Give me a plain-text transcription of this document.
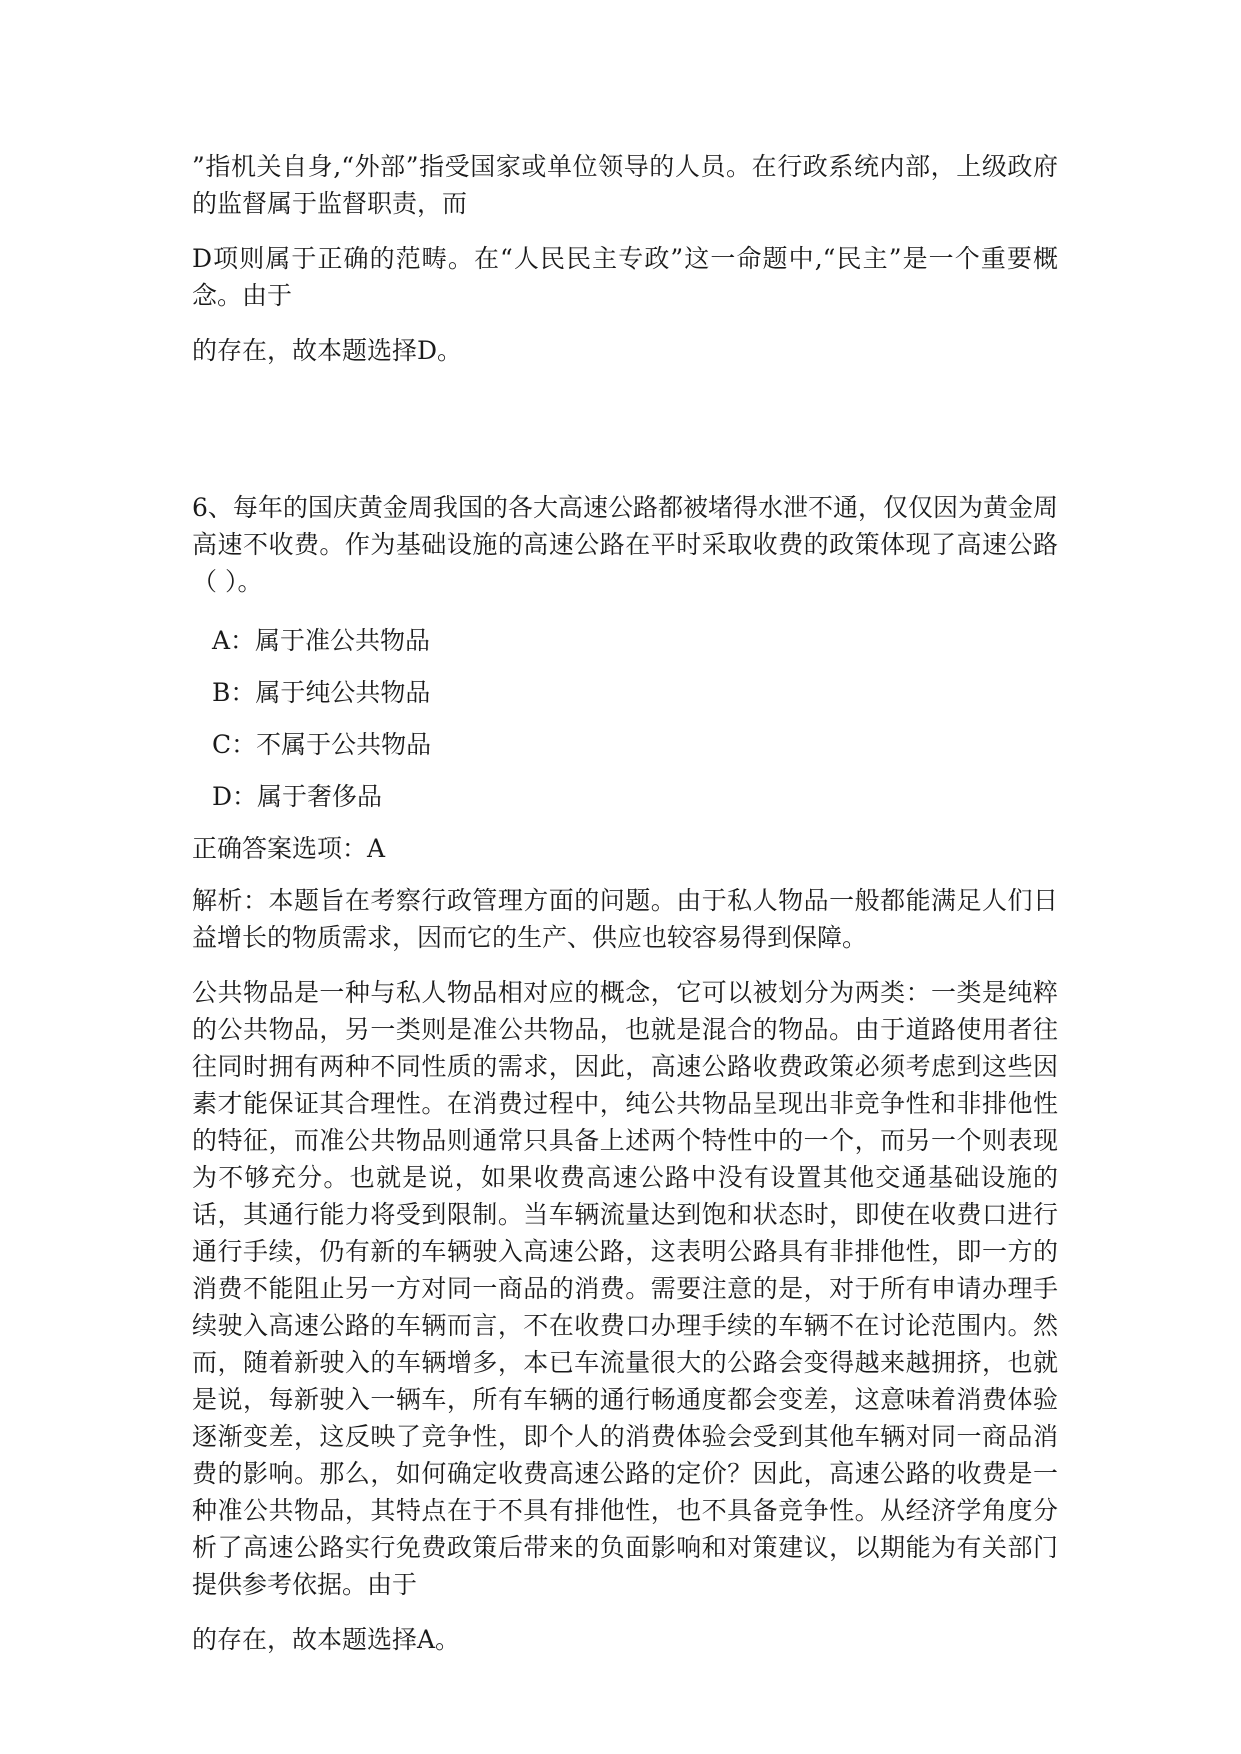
”指机关自身,“外部”指受国家或单位领导的人员。在行政系统内部，上级政府的监督属于监督职责，而

D项则属于正确的范畴。在“人民民主专政”这一命题中,“民主”是一个重要概念。由于

的存在，故本题选择D。

6、每年的国庆黄金周我国的各大高速公路都被堵得水泄不通，仅仅因为黄金周高速不收费。作为基础设施的高速公路在平时采取收费的政策体现了高速公路（ ）。

A：属于准公共物品

B：属于纯公共物品

C：不属于公共物品

D：属于奢侈品

正确答案选项：A

解析：本题旨在考察行政管理方面的问题。由于私人物品一般都能满足人们日益增长的物质需求，因而它的生产、供应也较容易得到保障。

公共物品是一种与私人物品相对应的概念，它可以被划分为两类：一类是纯粹的公共物品，另一类则是准公共物品，也就是混合的物品。由于道路使用者往往同时拥有两种不同性质的需求，因此，高速公路收费政策必须考虑到这些因素才能保证其合理性。在消费过程中，纯公共物品呈现出非竞争性和非排他性的特征，而准公共物品则通常只具备上述两个特性中的一个，而另一个则表现为不够充分。也就是说，如果收费高速公路中没有设置其他交通基础设施的话，其通行能力将受到限制。当车辆流量达到饱和状态时，即使在收费口进行通行手续，仍有新的车辆驶入高速公路，这表明公路具有非排他性，即一方的消费不能阻止另一方对同一商品的消费。需要注意的是，对于所有申请办理手续驶入高速公路的车辆而言，不在收费口办理手续的车辆不在讨论范围内。然而，随着新驶入的车辆增多，本已车流量很大的公路会变得越来越拥挤，也就是说，每新驶入一辆车，所有车辆的通行畅通度都会变差，这意味着消费体验逐渐变差，这反映了竞争性，即个人的消费体验会受到其他车辆对同一商品消费的影响。那么，如何确定收费高速公路的定价？因此，高速公路的收费是一种准公共物品，其特点在于不具有排他性，也不具备竞争性。从经济学角度分析了高速公路实行免费政策后带来的负面影响和对策建议，以期能为有关部门提供参考依据。由于

的存在，故本题选择A。
